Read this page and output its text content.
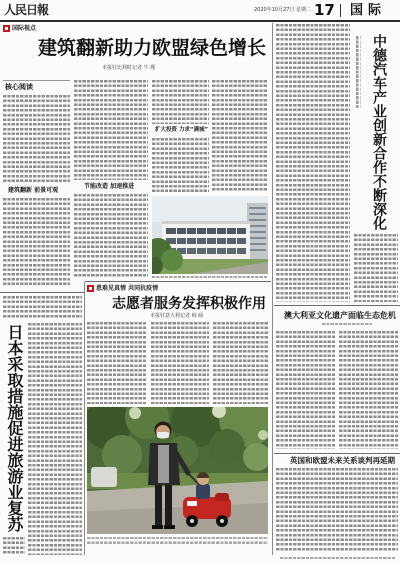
人民日報	2020年10月27日 星期二 17 国际
国际视点
建筑翻新助力欧盟绿色增长
本报驻比利时记者 牛 瑾
核心阅读
建筑翻新 前景可观
节能改造 加速推进
扩大投资 力求“满城”	中德汽车产业创新合作不断深化
澳大利亚文化遗产面临生态危机
英国和欧盟未来关系谈判再延期
日本采取措施促进旅游业复苏
患难见真情 共同抗疫情
志愿者服务发挥积极作用
本报驻意大利记者 韩 硕
